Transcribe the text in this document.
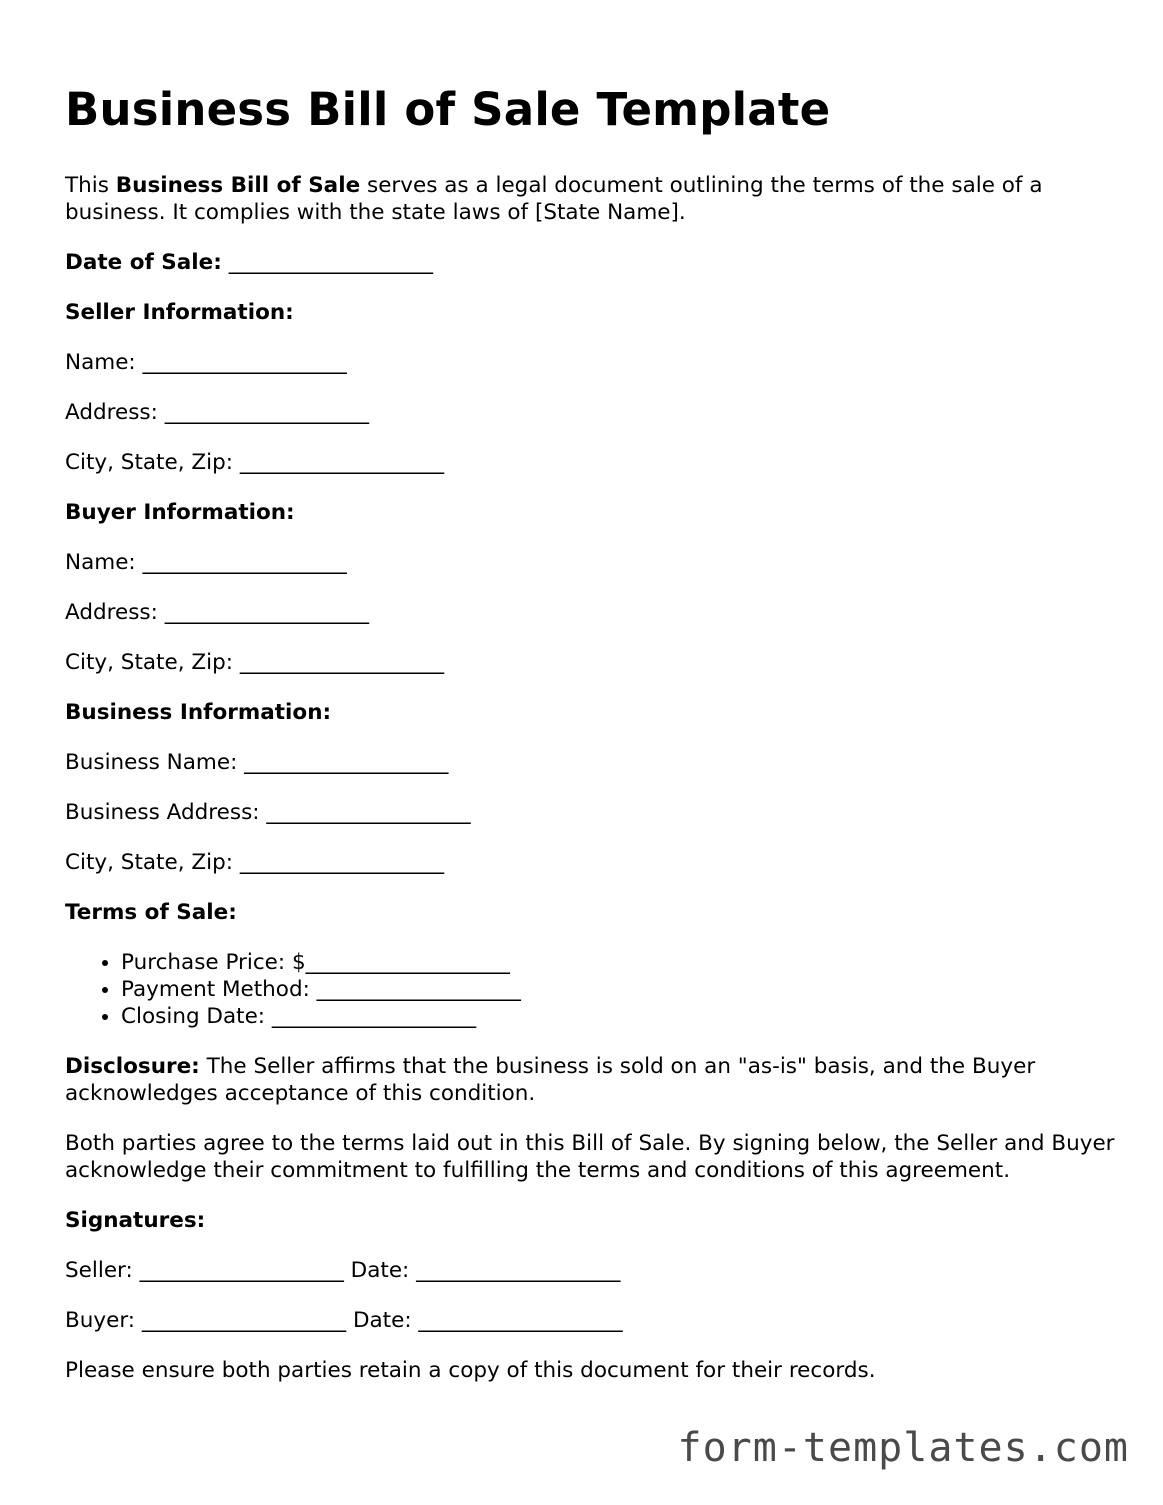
Business Bill of Sale Template

This Business Bill of Sale serves as a legal document outlining the terms of the sale of a business. It complies with the state laws of [State Name].

Date of Sale: ___________________
Seller Information:
Name: ___________________
Address: ___________________
City, State, Zip: ___________________
Buyer Information:
Name: ___________________
Address: ___________________
City, State, Zip: ___________________
Business Information:
Business Name: ___________________
Business Address: ___________________
City, State, Zip: ___________________
Terms of Sale:
• Purchase Price: $___________________
• Payment Method: ___________________
• Closing Date: ___________________

Disclosure: The Seller affirms that the business is sold on an "as-is" basis, and the Buyer acknowledges acceptance of this condition.

Both parties agree to the terms laid out in this Bill of Sale. By signing below, the Seller and Buyer acknowledge their commitment to fulfilling the terms and conditions of this agreement.

Signatures:
Seller: ___________________ Date: ___________________
Buyer: ___________________ Date: ___________________

Please ensure both parties retain a copy of this document for their records.

form-templates.com
